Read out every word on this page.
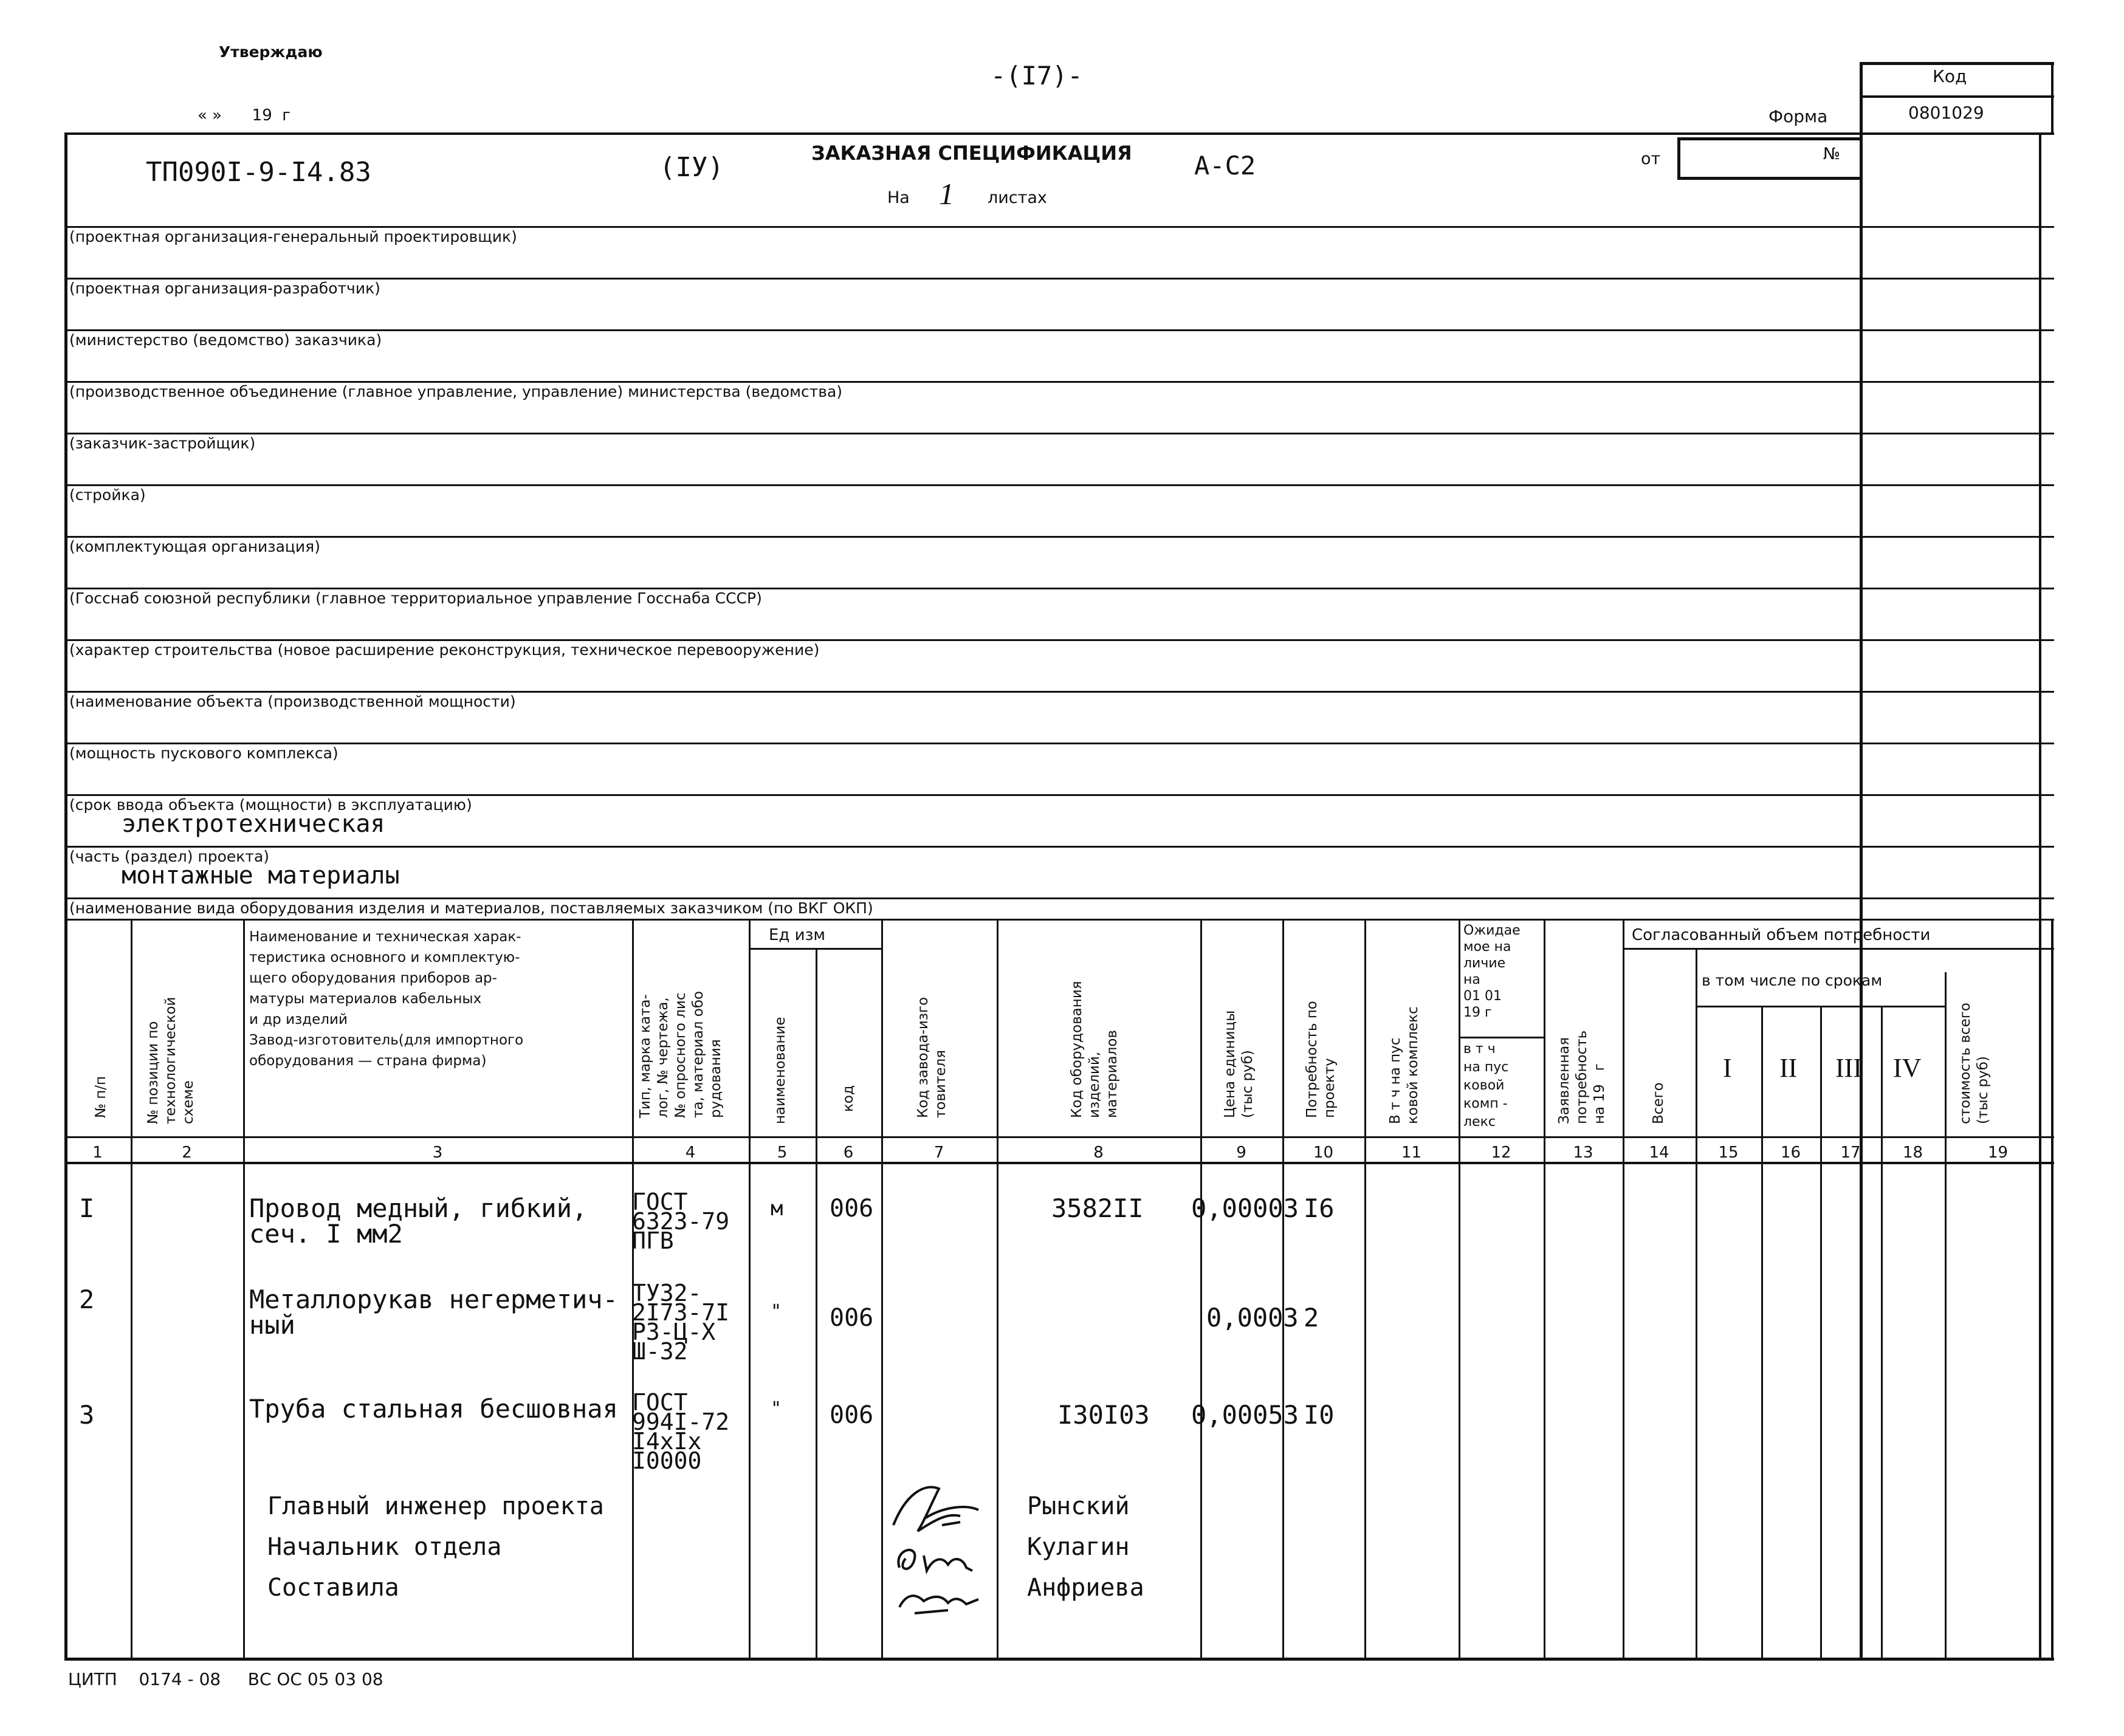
Утверждаю
« »      19  г
-(I7)-	Код
Форма	0801029
ТП090I-9-I4.83	(IУ)	ЗАКАЗНАЯ СПЕЦИФИКАЦИЯ А-С2
На 1 листах
от	№
(проектная организация-генеральный проектировщик)
(проектная организация-разработчик)
(министерство (ведомство) заказчика)
(производственное объединение (главное управление, управление) министерства (ведомства)
(заказчик-застройщик)
(стройка)
(комплектующая организация)
(Госснаб союзной республики (главное территориальное управление Госснаба СССР)
(характер строительства (новое расширение реконструкция, техническое перевооружение)
(наименование объекта (производственной мощности)
(мощность пускового комплекса)
(срок ввода объекта (мощности) в эксплуатацию)
электротехническая
(часть (раздел) проекта)
монтажные материалы
(наименование вида оборудования изделия и материалов, поставляемых заказчиком (по ВКГ ОКП)
№ п/п	№ позиции по
технологической
схеме
Наименование и техническая харак-
теристика основного и комплектую-
щего оборудования приборов ар-
матуры материалов кабельных
и др изделий
Завод-изготовитель(для импортного
оборудования — страна фирма)
Тип, марка ката-
лог, № чертежа,
№ опросного лис
та, материал обо
рудования
Ед изм
наименование	код	Код завода-изго
товителя	Код оборудования
изделий,
материалов	Цена единицы
(тыс руб)	Потребность по
проекту
В т ч на пус
ковой комплекс
Ожидае
мое на
личие
на
01 01
19 г
в т ч
на пус
ковой
комп -
лекс	Заявленная
потребность
на 19   г
Согласованный объем потребности
Всего
в том числе по срокам
I II III IV	стоимость всего
(тыс руб)
1	2	3	4	5	6	7	8	9	10	11	12	13	14	15	16	17	18	19
I	Провод медный, гибкий,
сеч. I мм2
ГОСТ
6323-79
ПГВ
м 006	3582II 0,00003 I6
2	Металлорукав негерметич-
ный
ТУ32-
2I73-7I
РЗ-Ц-Х
Ш-32
" 006	0,0003 2
3	Труба стальная бесшовная ГОСТ
994I-72
I4хIх
I0000
" 006	I30I03 0,00053 I0
Главный инженер проекта
Начальник отдела
Составила
Рынский
Кулагин
Анфриева
ЦИТП    0174 - 08     ВС ОС 05 03 08
